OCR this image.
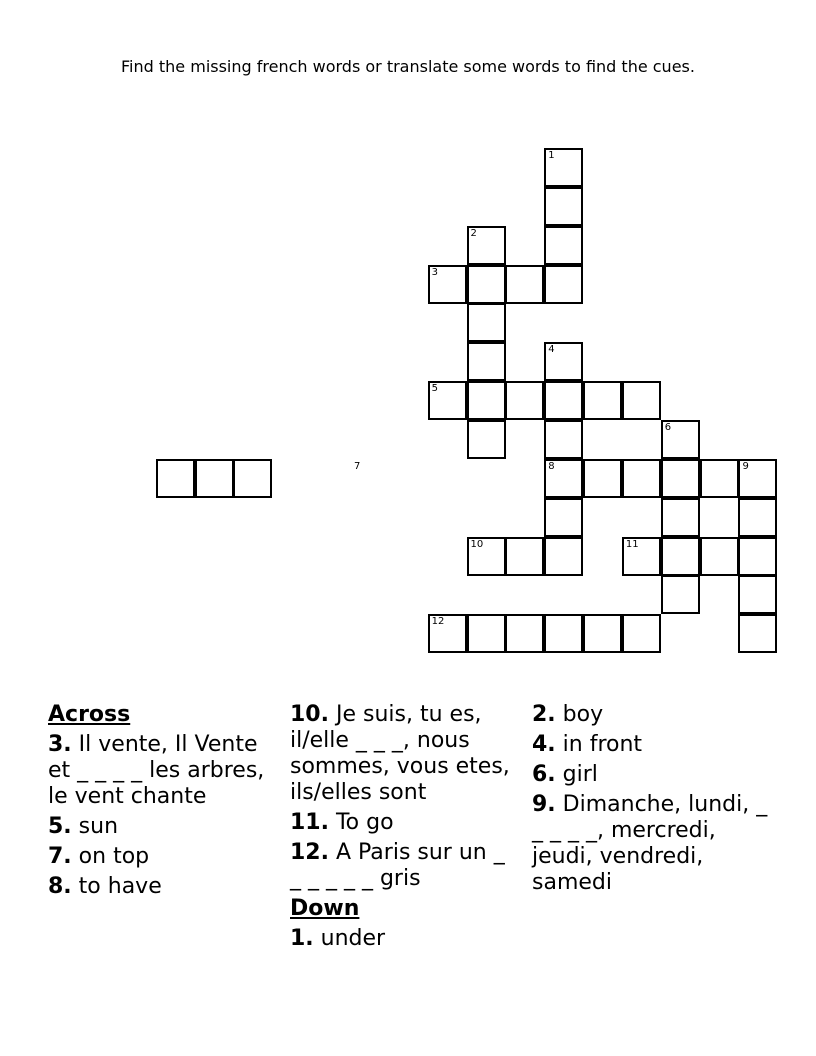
Find the missing french words or translate some words to find the cues.
1
2
3
4
5
6
7	8	9
10	11
12
Across
3. Il vente, Il Vente et _ _ _ _ les arbres, le vent chante
5. sun
7. on top
8. to have
10. Je suis, tu es, il/elle _ _ _, nous sommes, vous etes, ils/elles sont
11. To go
12. A Paris sur un _ _ _ _ _ _ gris
Down
1. under
2. boy
4. in front
6. girl
9. Dimanche, lundi, _ _ _ _ _, mercredi, jeudi, vendredi, samedi
